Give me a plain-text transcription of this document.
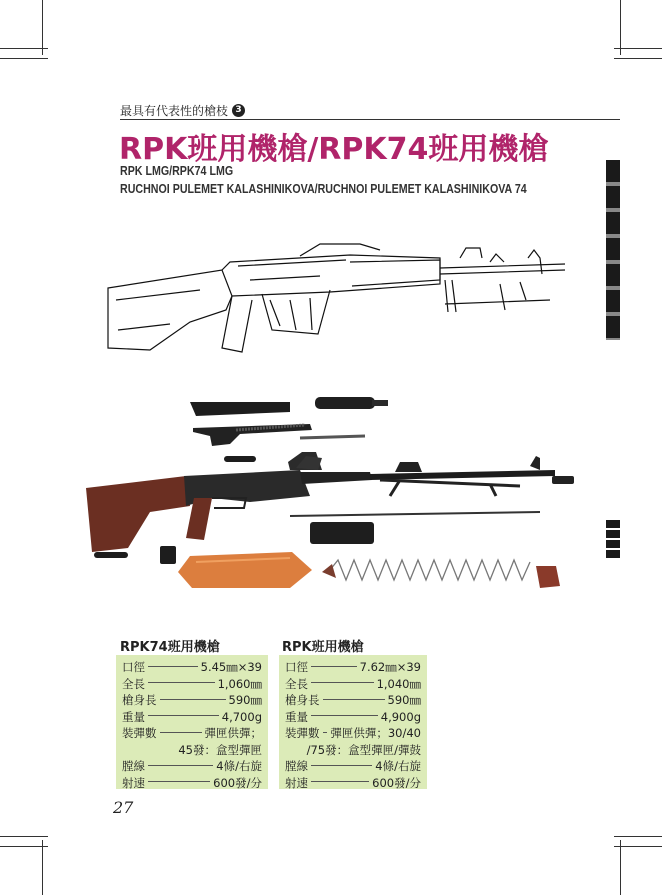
最具有代表性的槍枝 3
RPK班用機槍/RPK74班用機槍
RPK LMG/RPK74 LMG
RUCHNOI PULEMET KALASHINIKOVA/RUCHNOI PULEMET KALASHINIKOVA 74
RPK74班用機槍
口徑	5.45㎜×39
全長	1,060㎜
槍身長	590㎜
重量	4,700g
裝彈數	彈匣供彈；
45發：盒型彈匣
膛線	4條/右旋
射速	600發/分
RPK班用機槍
口徑	7.62㎜×39
全長	1,040㎜
槍身長	590㎜
重量	4,900g
裝彈數 彈匣供彈；30/40
/75發：盒型彈匣/彈鼓
膛線	4條/右旋
射速	600發/分
27
